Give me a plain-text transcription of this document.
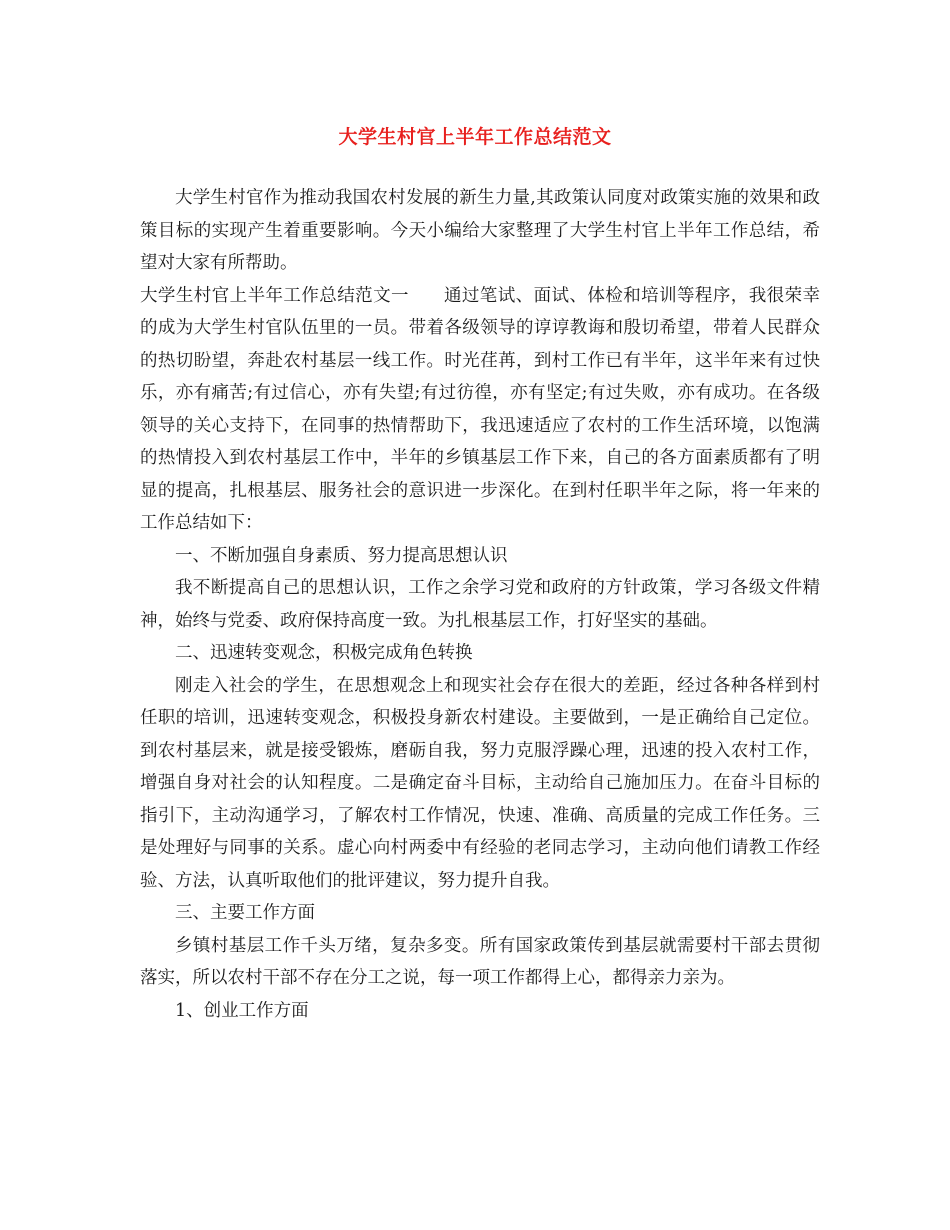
大学生村官上半年工作总结范文

大学生村官作为推动我国农村发展的新生力量,其政策认同度对政策实施的效果和政策目标的实现产生着重要影响。今天小编给大家整理了大学生村官上半年工作总结，希望对大家有所帮助。

大学生村官上半年工作总结范文一 通过笔试、面试、体检和培训等程序，我很荣幸的成为大学生村官队伍里的一员。带着各级领导的谆谆教诲和殷切希望，带着人民群众的热切盼望，奔赴农村基层一线工作。时光荏苒，到村工作已有半年，这半年来有过快乐，亦有痛苦;有过信心，亦有失望;有过彷徨，亦有坚定;有过失败，亦有成功。在各级领导的关心支持下，在同事的热情帮助下，我迅速适应了农村的工作生活环境，以饱满的热情投入到农村基层工作中，半年的乡镇基层工作下来，自己的各方面素质都有了明显的提高，扎根基层、服务社会的意识进一步深化。在到村任职半年之际，将一年来的工作总结如下：

一、不断加强自身素质、努力提高思想认识

我不断提高自己的思想认识，工作之余学习党和政府的方针政策，学习各级文件精神，始终与党委、政府保持高度一致。为扎根基层工作，打好坚实的基础。

二、迅速转变观念，积极完成角色转换

刚走入社会的学生，在思想观念上和现实社会存在很大的差距，经过各种各样到村任职的培训，迅速转变观念，积极投身新农村建设。主要做到，一是正确给自己定位。到农村基层来，就是接受锻炼，磨砺自我，努力克服浮躁心理，迅速的投入农村工作，增强自身对社会的认知程度。二是确定奋斗目标，主动给自己施加压力。在奋斗目标的指引下，主动沟通学习，了解农村工作情况，快速、准确、高质量的完成工作任务。三是处理好与同事的关系。虚心向村两委中有经验的老同志学习，主动向他们请教工作经验、方法，认真听取他们的批评建议，努力提升自我。

三、主要工作方面

乡镇村基层工作千头万绪，复杂多变。所有国家政策传到基层就需要村干部去贯彻落实，所以农村干部不存在分工之说，每一项工作都得上心，都得亲力亲为。

1、创业工作方面
